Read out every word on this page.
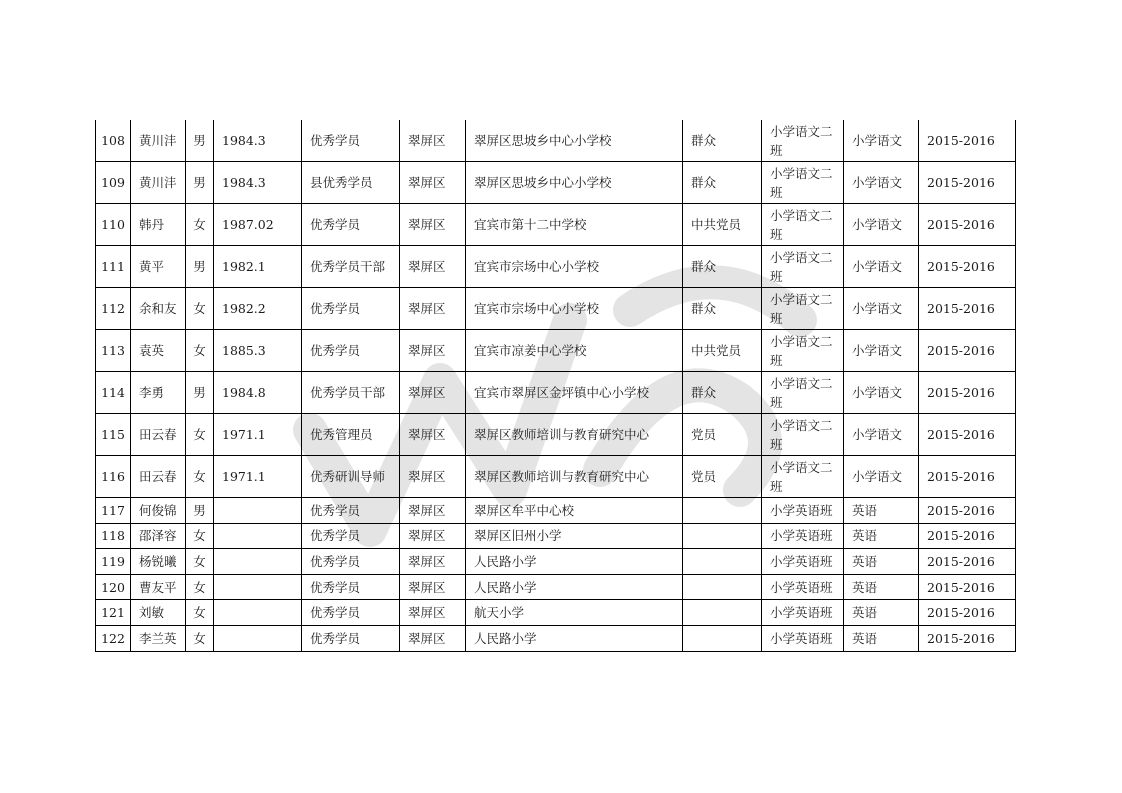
108	黄川沣	男	1984.3	优秀学员	翠屏区	翠屏区思坡乡中心小学校	群众	小学语文二班	小学语文	2015-2016
109	黄川沣	男	1984.3	县优秀学员	翠屏区	翠屏区思坡乡中心小学校	群众	小学语文二班	小学语文	2015-2016
110	韩丹	女	1987.02	优秀学员	翠屏区	宜宾市第十二中学校	中共党员	小学语文二班	小学语文	2015-2016
111	黄平	男	1982.1	优秀学员干部	翠屏区	宜宾市宗场中心小学校	群众	小学语文二班	小学语文	2015-2016
112	余和友	女	1982.2	优秀学员	翠屏区	宜宾市宗场中心小学校	群众	小学语文二班	小学语文	2015-2016
113	袁英	女	1885.3	优秀学员	翠屏区	宜宾市凉姜中心学校	中共党员	小学语文二班	小学语文	2015-2016
114	李勇	男	1984.8	优秀学员干部	翠屏区	宜宾市翠屏区金坪镇中心小学校	群众	小学语文二班	小学语文	2015-2016
115	田云春	女	1971.1	优秀管理员	翠屏区	翠屏区教师培训与教育研究中心	党员	小学语文二班	小学语文	2015-2016
116	田云春	女	1971.1	优秀研训导师	翠屏区	翠屏区教师培训与教育研究中心	党员	小学语文二班	小学语文	2015-2016
117	何俊锦	男		优秀学员	翠屏区	翠屏区牟平中心校		小学英语班	英语	2015-2016
118	邵泽容	女		优秀学员	翠屏区	翠屏区旧州小学		小学英语班	英语	2015-2016
119	杨锐曦	女		优秀学员	翠屏区	人民路小学		小学英语班	英语	2015-2016
120	曹友平	女		优秀学员	翠屏区	人民路小学		小学英语班	英语	2015-2016
121	刘敏	女		优秀学员	翠屏区	航天小学		小学英语班	英语	2015-2016
122	李兰英	女		优秀学员	翠屏区	人民路小学		小学英语班	英语	2015-2016
